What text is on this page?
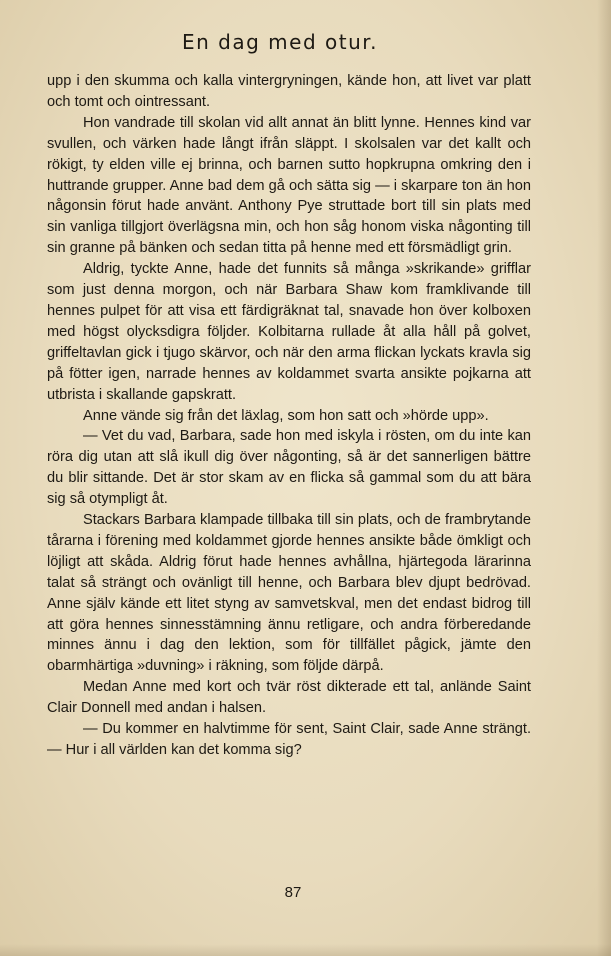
En dag med otur.

upp i den skumma och kalla vintergryningen, kände hon, att livet var platt och tomt och ointressant.

Hon vandrade till skolan vid allt annat än blitt lynne. Hennes kind var svullen, och värken hade långt ifrån släppt. I skolsalen var det kallt och rökigt, ty elden ville ej brinna, och barnen sutto hopkrupna omkring den i huttrande grupper. Anne bad dem gå och sätta sig — i skarpare ton än hon någonsin förut hade använt. Anthony Pye struttade bort till sin plats med sin vanliga tillgjort överlägsna min, och hon såg honom viska någonting till sin granne på bänken och sedan titta på henne med ett försmädligt grin.

Aldrig, tyckte Anne, hade det funnits så många »skrikande» grifflar som just denna morgon, och när Barbara Shaw kom framklivande till hennes pulpet för att visa ett färdigräknat tal, snavade hon över kolboxen med högst olycksdigra följder. Kolbitarna rullade åt alla håll på golvet, griffeltavlan gick i tjugo skärvor, och när den arma flickan lyckats kravla sig på fötter igen, narrade hennes av koldammet svarta ansikte pojkarna att utbrista i skallande gapskratt.

Anne vände sig från det läxlag, som hon satt och »hörde upp».

— Vet du vad, Barbara, sade hon med iskyla i rösten, om du inte kan röra dig utan att slå ikull dig över någonting, så är det sannerligen bättre du blir sittande. Det är stor skam av en flicka så gammal som du att bära sig så otympligt åt.

Stackars Barbara klampade tillbaka till sin plats, och de frambrytande tårarna i förening med koldammet gjorde hennes ansikte både ömkligt och löjligt att skåda. Aldrig förut hade hennes avhållna, hjärtegoda lärarinna talat så strängt och ovänligt till henne, och Barbara blev djupt bedrövad. Anne själv kände ett litet styng av samvetskval, men det endast bidrog till att göra hennes sinnesstämning ännu retligare, och andra förberedande minnes ännu i dag den lektion, som för tillfället pågick, jämte den obarmhärtiga »duvning» i räkning, som följde därpå.

Medan Anne med kort och tvär röst dikterade ett tal, anlände Saint Clair Donnell med andan i halsen.

— Du kommer en halvtimme för sent, Saint Clair, sade Anne strängt. — Hur i all världen kan det komma sig?

87
